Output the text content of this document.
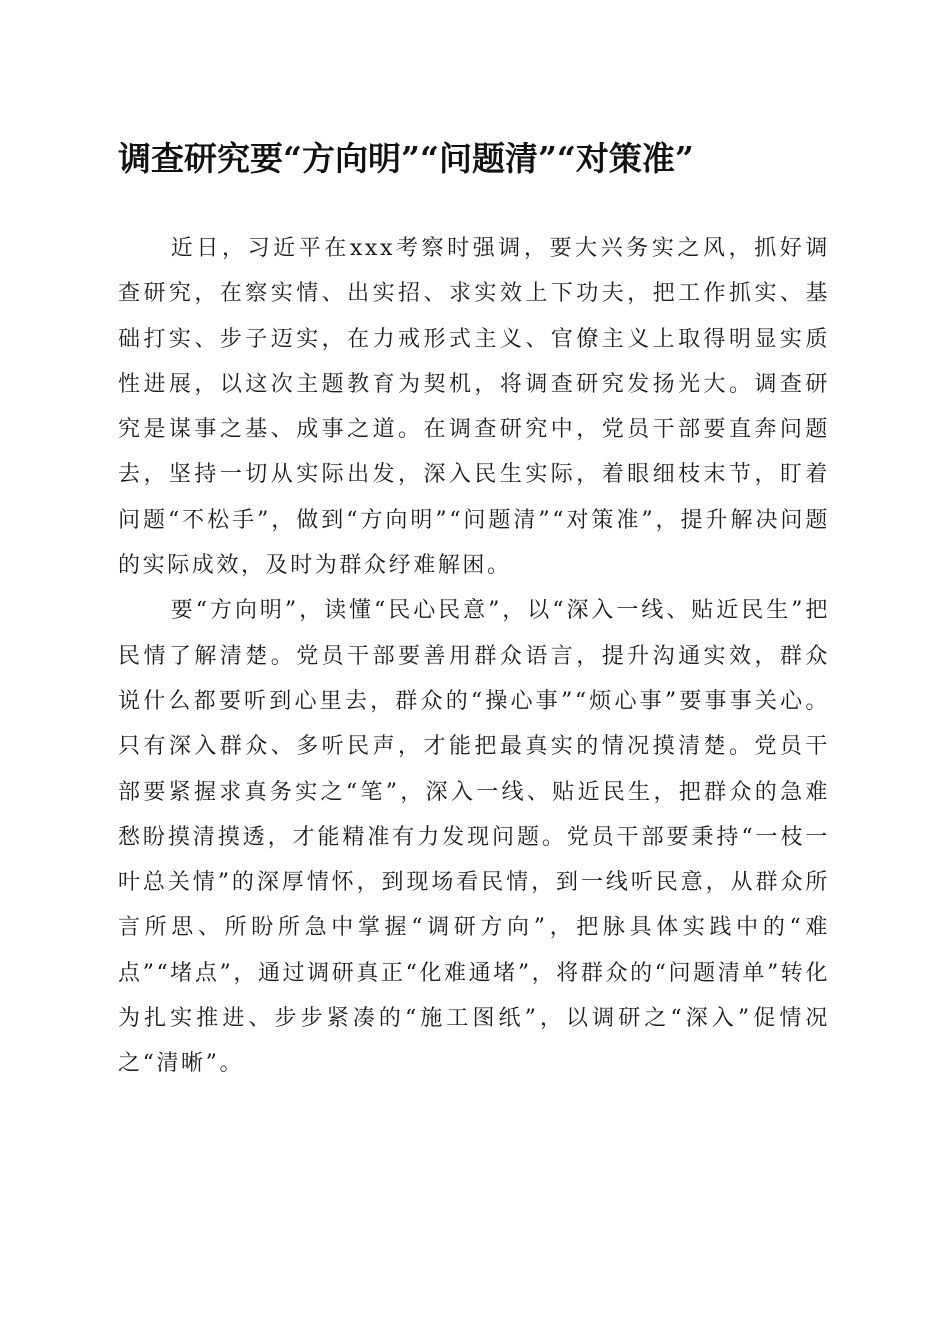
调查研究要“方向明”“问题清”“对策准”

近日，习近平在xxx考察时强调，要大兴务实之风，抓好调查研究，在察实情、出实招、求实效上下功夫，把工作抓实、基础打实、步子迈实，在力戒形式主义、官僚主义上取得明显实质性进展，以这次主题教育为契机，将调查研究发扬光大。调查研究是谋事之基、成事之道。在调查研究中，党员干部要直奔问题去，坚持一切从实际出发，深入民生实际，着眼细枝末节，盯着问题“不松手”，做到“方向明”“问题清”“对策准”，提升解决问题的实际成效，及时为群众纾难解困。

要“方向明”，读懂“民心民意”，以“深入一线、贴近民生”把民情了解清楚。党员干部要善用群众语言，提升沟通实效，群众说什么都要听到心里去，群众的“操心事”“烦心事”要事事关心。只有深入群众、多听民声，才能把最真实的情况摸清楚。党员干部要紧握求真务实之“笔”，深入一线、贴近民生，把群众的急难愁盼摸清摸透，才能精准有力发现问题。党员干部要秉持“一枝一叶总关情”的深厚情怀，到现场看民情，到一线听民意，从群众所言所思、所盼所急中掌握“调研方向”，把脉具体实践中的“难点”“堵点”，通过调研真正“化难通堵”，将群众的“问题清单”转化为扎实推进、步步紧凑的“施工图纸”，以调研之“深入”促情况之“清晰”。
